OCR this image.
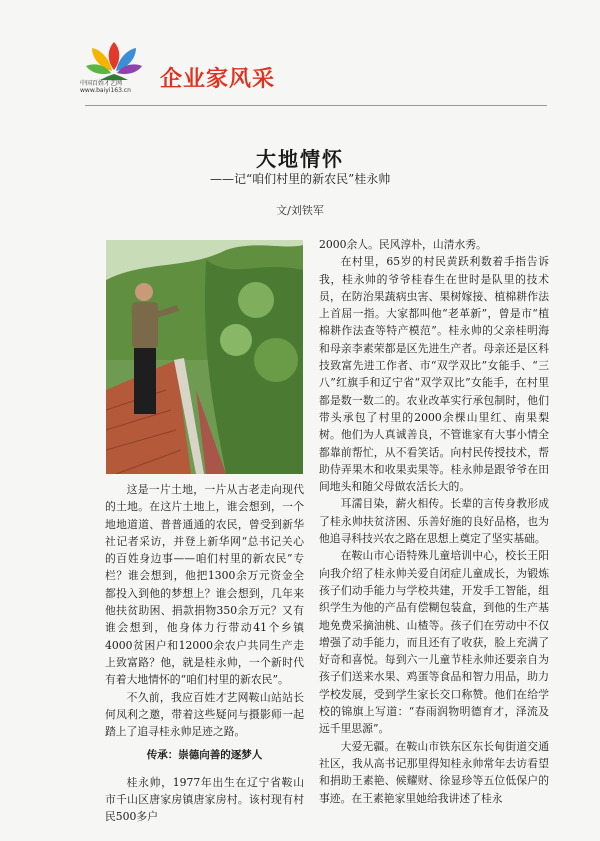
中国百姓才艺网
www.baiyi163.cn 企业家风采
大地情怀
——记“咱们村里的新农民”桂永帅
文/刘铁军

这是一片土地，一片从古老走向现代的土地。在这片土地上，谁会想到，一个地地道道、普普通通的农民，曾受到新华社记者采访，并登上新华网“总书记关心的百姓身边事——咱们村里的新农民”专栏？谁会想到，他把1300余万元资金全都投入到他的梦想上？谁会想到，几年来他扶贫助困、捐款捐物350余万元？又有谁会想到，他身体力行带动41个乡镇4000贫困户和12000余农户共同生产走上致富路？他，就是桂永帅，一个新时代有着大地情怀的“咱们村里的新农民”。

不久前，我应百姓才艺网鞍山站站长何凤利之邀，带着这些疑问与摄影师一起踏上了追寻桂永帅足迹之路。

传承：崇德向善的逐梦人

桂永帅，1977年出生在辽宁省鞍山市千山区唐家房镇唐家房村。该村现有村民500多户

2000余人。民风淳朴，山清水秀。

在村里，65岁的村民黄跃利数着手指告诉我，桂永帅的爷爷桂春生在世时是队里的技术员，在防治果蔬病虫害、果树嫁接、植棉耕作法上首屈一指。大家都叫他“老革新”，曾是市“植棉耕作法查等特产模范”。桂永帅的父亲桂明海和母亲李素荣都是区先进生产者。母亲还是区科技致富先进工作者、市“双学双比”女能手、“三八”红旗手和辽宁省“双学双比”女能手，在村里都是数一数二的。农业改革实行承包制时，他们带头承包了村里的2000余棵山里红、南果梨树。他们为人真诚善良，不管谁家有大事小情全都靠前帮忙，从不看笑话。向村民传授技术，帮助侍弄果木和收果卖果等。桂永帅是跟爷爷在田间地头和随父母做农活长大的。

耳濡目染，薪火相传。长辈的言传身教形成了桂永帅扶贫济困、乐善好施的良好品格，也为他追寻科技兴农之路在思想上奠定了坚实基础。

在鞍山市心语特殊儿童培训中心，校长王阳向我介绍了桂永帅关爱自闭症儿童成长，为锻炼孩子们动手能力与学校共建，开发手工智能，组织学生为他的产品有偿糊包装盒，到他的生产基地免费采摘油桃、山楂等。孩子们在劳动中不仅增强了动手能力，而且还有了收获，脸上充满了好奇和喜悦。每到六一儿童节桂永帅还要亲自为孩子们送来水果、鸡蛋等食品和智力用品，助力学校发展，受到学生家长交口称赞。他们在给学校的锦旗上写道：“春雨润物明德育才，泽流及远千里思源”。

大爱无疆。在鞍山市铁东区东长甸街道交通社区，我从高书记那里得知桂永帅常年去访看望和捐助王素艳、候耀财、徐显珍等五位低保户的事迹。在王素艳家里她给我讲述了桂永
